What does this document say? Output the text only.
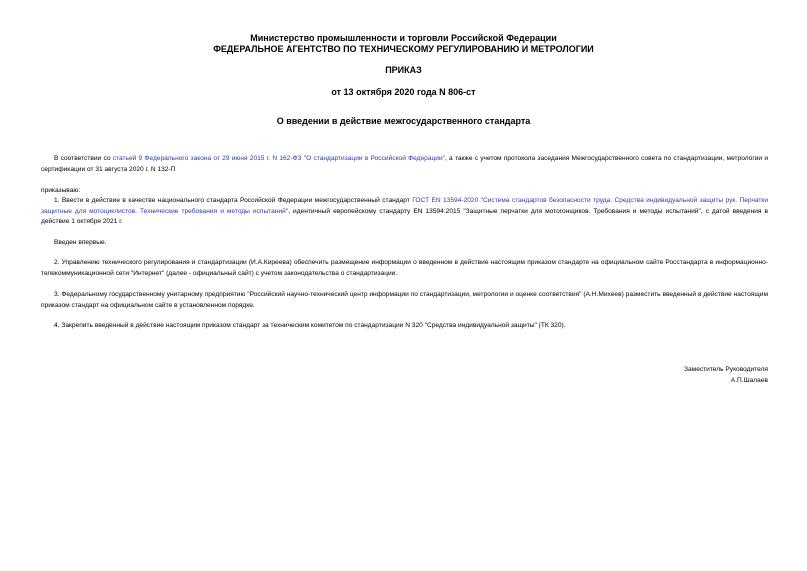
Министерство промышленности и торговли Российской Федерации
ФЕДЕРАЛЬНОЕ АГЕНТСТВО ПО ТЕХНИЧЕСКОМУ РЕГУЛИРОВАНИЮ И МЕТРОЛОГИИ
ПРИКАЗ
от 13 октября 2020 года N 806-ст
О введении в действие межгосударственного стандарта
В соответствии со статьей 9 Федерального закона от 29 июня 2015 г. N 162-ФЗ "О стандартизации в Российской Федерации", а также с учетом протокола заседания Межгосударственного совета по стандартизации, метрологии и сертификации от 31 августа 2020 г. N 132-П
приказываю:
1. Ввести в действие в качестве национального стандарта Российской Федерации межгосударственный стандарт ГОСТ EN 13594-2020 "Система стандартов безопасности труда. Средства индивидуальной защиты рук. Перчатки защитные для мотоциклистов. Технические требования и методы испытаний", идентичный европейскому стандарту EN 13594:2015 "Защитные перчатки для мотогонщиков. Требования и методы испытаний", с датой введения в действие 1 октября 2021 г.
Введен впервые.
2. Управлению технического регулирования и стандартизации (И.А.Киреева) обеспечить размещение информации о введенном в действие настоящим приказом стандарте на официальном сайте Росстандарта в информационно-телекоммуникационной сети "Интернет" (далее - официальный сайт) с учетом законодательства о стандартизации.
3. Федеральному государственному унитарному предприятию "Российский научно-технический центр информации по стандартизации, метрологии и оценке соответствия" (А.Н.Михеев) разместить введенный в действие настоящим приказом стандарт на официальном сайте в установленном порядке.
4. Закрепить введенный в действие настоящим приказом стандарт за техническим комитетом по стандартизации N 320 "Средства индивидуальной защиты" (ТК 320).
Заместитель Руководителя
А.П.Шалаев
